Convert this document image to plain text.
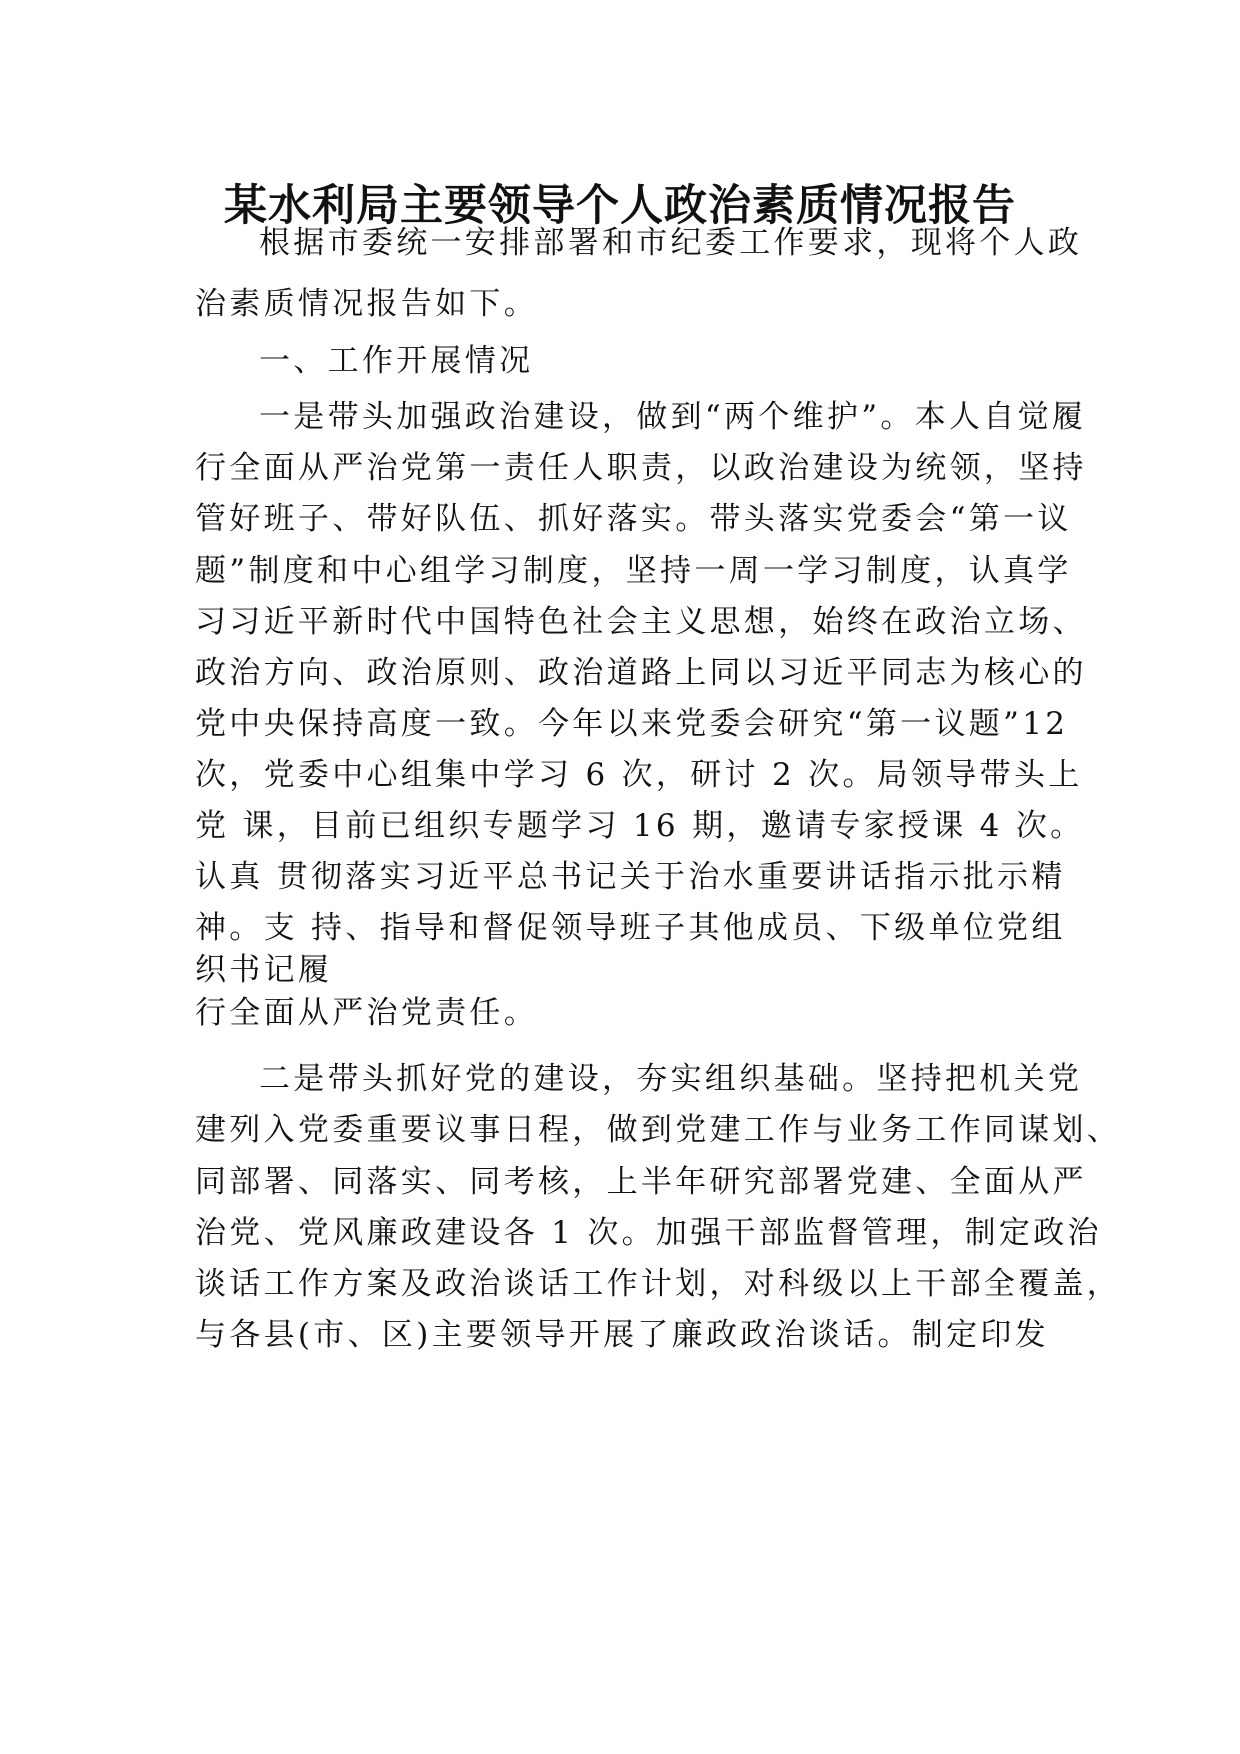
某水利局主要领导个人政治素质情况报告
根据市委统一安排部署和市纪委工作要求，现将个人政
治素质情况报告如下。
一、工作开展情况
一是带头加强政治建设，做到“两个维护”。本人自觉履
行全面从严治党第一责任人职责，以政治建设为统领，坚持
管好班子、带好队伍、抓好落实。带头落实党委会“第一议
题”制度和中心组学习制度，坚持一周一学习制度，认真学
习习近平新时代中国特色社会主义思想，始终在政治立场、
政治方向、政治原则、政治道路上同以习近平同志为核心的
党中央保持高度一致。今年以来党委会研究“第一议题”12
次，党委中心组集中学习 6 次，研讨 2 次。局领导带头上
党 课，目前已组织专题学习 16 期，邀请专家授课 4 次。
认真 贯彻落实习近平总书记关于治水重要讲话指示批示精
神。支 持、指导和督促领导班子其他成员、下级单位党组
织书记履
行全面从严治党责任。
二是带头抓好党的建设，夯实组织基础。坚持把机关党
建列入党委重要议事日程，做到党建工作与业务工作同谋划、
同部署、同落实、同考核，上半年研究部署党建、全面从严
治党、党风廉政建设各 1 次。加强干部监督管理，制定政治
谈话工作方案及政治谈话工作计划，对科级以上干部全覆盖，
与各县(市、区)主要领导开展了廉政政治谈话。制定印发
